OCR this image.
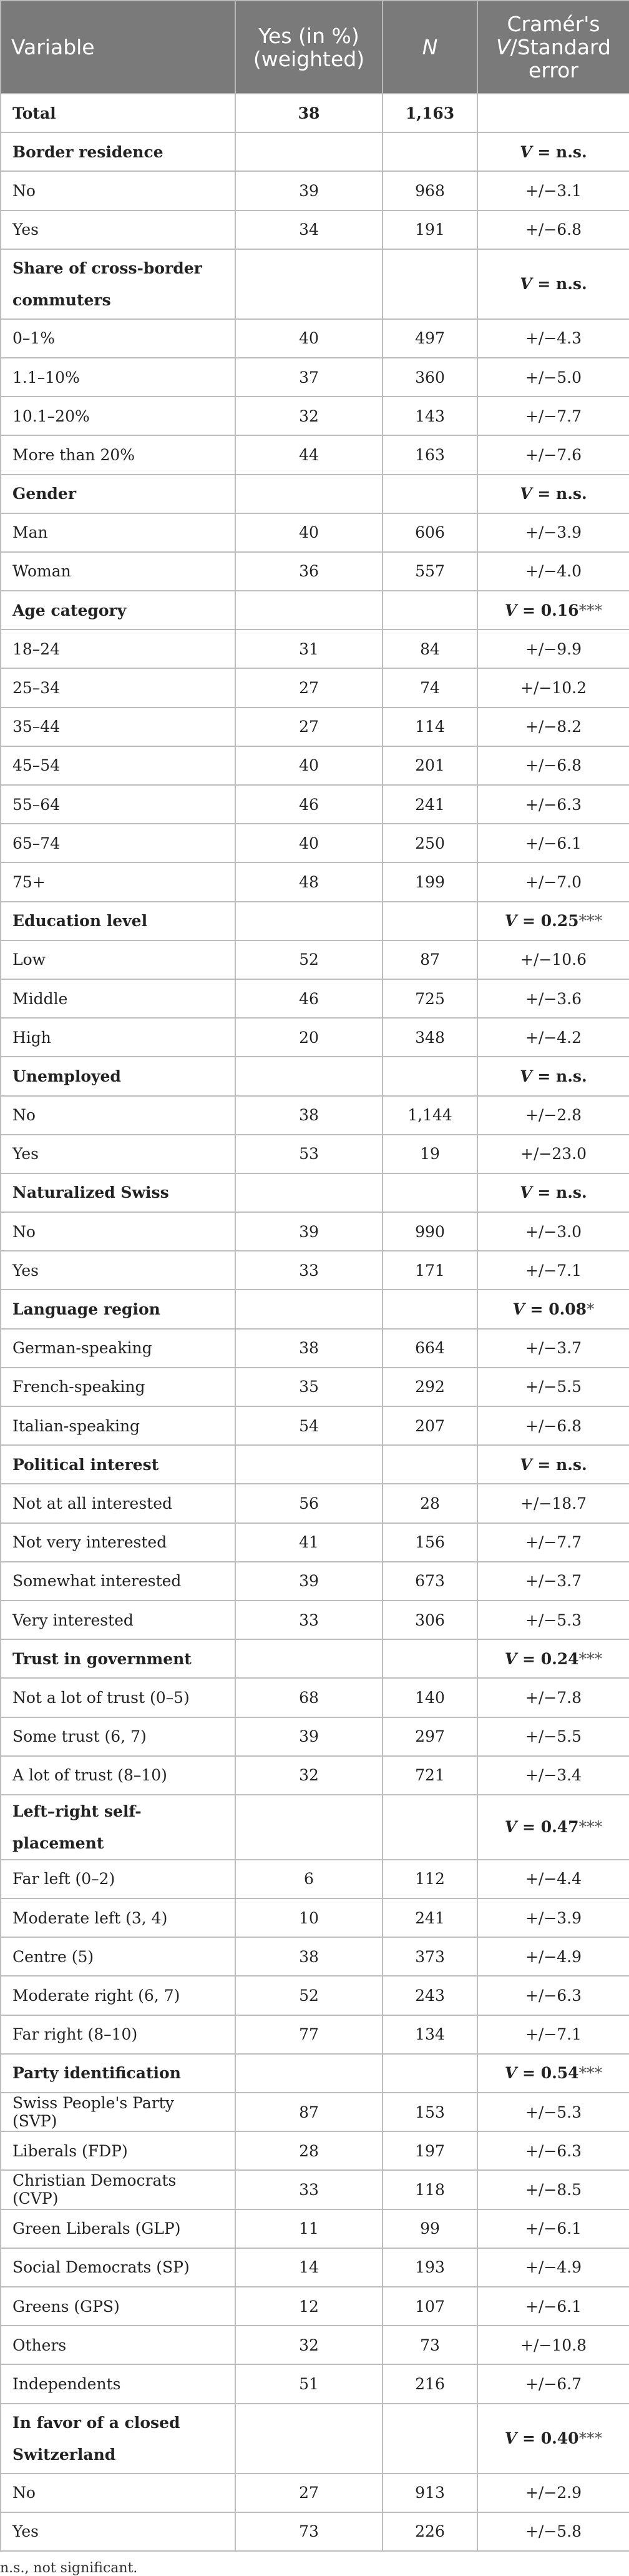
Variable	Yes (in %) (weighted)	N	Cramér's V/Standard error
Total	38	1,163	

Border residence			V = n.s.
No	39	968	+/−3.1
Yes	34	191	+/−6.8

Share of cross-border commuters			V = n.s.
0–1%	40	497	+/−4.3
1.1–10%	37	360	+/−5.0
10.1–20%	32	143	+/−7.7
More than 20%	44	163	+/−7.6

Gender			V = n.s.
Man	40	606	+/−3.9
Woman	36	557	+/−4.0

Age category			V = 0.16***
18–24	31	84	+/−9.9
25–34	27	74	+/−10.2
35–44	27	114	+/−8.2
45–54	40	201	+/−6.8
55–64	46	241	+/−6.3
65–74	40	250	+/−6.1
75+	48	199	+/−7.0

Education level			V = 0.25***
Low	52	87	+/−10.6
Middle	46	725	+/−3.6
High	20	348	+/−4.2

Unemployed			V = n.s.
No	38	1,144	+/−2.8
Yes	53	19	+/−23.0

Naturalized Swiss			V = n.s.
No	39	990	+/−3.0
Yes	33	171	+/−7.1

Language region			V = 0.08*
German-speaking	38	664	+/−3.7
French-speaking	35	292	+/−5.5
Italian-speaking	54	207	+/−6.8

Political interest			V = n.s.
Not at all interested	56	28	+/−18.7
Not very interested	41	156	+/−7.7
Somewhat interested	39	673	+/−3.7
Very interested	33	306	+/−5.3

Trust in government			V = 0.24***
Not a lot of trust (0–5)	68	140	+/−7.8
Some trust (6, 7)	39	297	+/−5.5
A lot of trust (8–10)	32	721	+/−3.4

Left–right self-placement			V = 0.47***
Far left (0–2)	6	112	+/−4.4
Moderate left (3, 4)	10	241	+/−3.9
Centre (5)	38	373	+/−4.9
Moderate right (6, 7)	52	243	+/−6.3
Far right (8–10)	77	134	+/−7.1

Party identification			V = 0.54***
Swiss People's Party (SVP)	87	153	+/−5.3
Liberals (FDP)	28	197	+/−6.3
Christian Democrats (CVP)	33	118	+/−8.5
Green Liberals (GLP)	11	99	+/−6.1
Social Democrats (SP)	14	193	+/−4.9
Greens (GPS)	12	107	+/−6.1
Others	32	73	+/−10.8
Independents	51	216	+/−6.7

In favor of a closed Switzerland			V = 0.40***
No	27	913	+/−2.9
Yes	73	226	+/−5.8
n.s., not significant.
